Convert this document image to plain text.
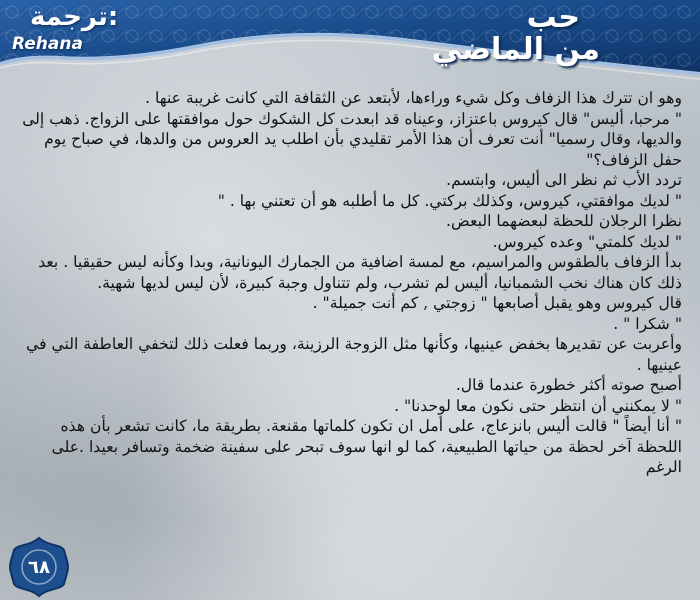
ترجمة:
Rehana
حب
من الماضي

وهو ان تترك هذا الزفاف وكل شيء وراءها، لأبتعد عن الثقافة التي كانت غريبة عنها .

" مرحبا، أليس" قال كيروس باعتزاز، وعيناه قد ابعدت كل الشكوك حول موافقتها على الزواج. ذهب إلى والديها، وقال رسميا" أنت تعرف أن هذا الأمر تقليدي بأن اطلب يد العروس من والدها، في صباح يوم حفل الزفاف؟"

تردد الأب ثم نظر الى أليس، وابتسم.

" لديك موافقتي، كيروس، وكذلك بركتي. كل ما أطلبه هو أن تعتني بها . "

نظرا الرجلان للحظة لبعضهما البعض.

" لديك كلمتي" وعده كيروس.

بدأ الزفاف بالطقوس والمراسيم، مع لمسة اضافية من الجمارك اليونانية، وبدا وكأنه ليس حقيقيا . بعد ذلك كان هناك نخب الشمبانيا، أليس لم تشرب، ولم تتناول وجبة كبيرة، لأن ليس لديها شهية.

قال كيروس وهو يقبل أصابعها " زوجتي , كم أنت جميلة" .

" شكرا " .

وأعربت عن تقديرها بخفض عينيها، وكأنها مثل الزوجة الرزينة، وربما فعلت ذلك لتخفي العاطفة التي في عينيها .

أصبح صوته أكثر خطورة عندما قال.

" لا يمكنني أن انتظر حتى نكون معا لوحدنا" .

" أنا أيضاً " قالت أليس بانزعاج، على أمل ان تكون كلماتها مقنعة. بطريقة ما، كانت تشعر بأن هذه اللحظة آخر لحظة من حياتها الطبيعية، كما لو انها سوف تبحر على سفينة ضخمة وتسافر بعيدا .على الرغم

٦٨
